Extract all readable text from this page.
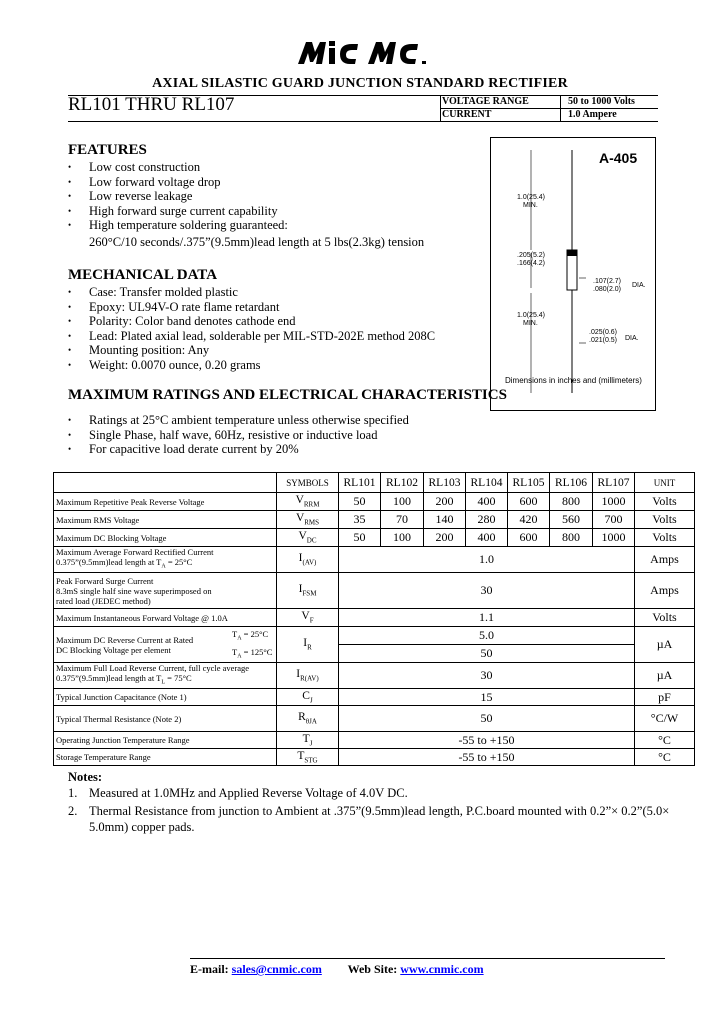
AXIAL SILASTIC GUARD JUNCTION STANDARD RECTIFIER
RL101 THRU RL107	VOLTAGE RANGE	50 to 1000 Volts
CURRENT	1.0 Ampere
FEATURES
• Low cost construction
• Low forward voltage drop
• Low reverse leakage
• High forward surge current capability
• High temperature soldering guaranteed:
260°C/10 seconds/.375”(9.5mm)lead length at 5 lbs(2.3kg) tension
MECHANICAL DATA
• Case: Transfer molded plastic
• Epoxy: UL94V-O rate flame retardant
• Polarity: Color band denotes cathode end
• Lead: Plated axial lead, solderable per MIL-STD-202E method 208C
• Mounting position: Any
• Weight: 0.0070 ounce, 0.20 grams
MAXIMUM RATINGS AND ELECTRICAL CHARACTERISTICS
• Ratings at 25°C ambient temperature unless otherwise specified
• Single Phase, half wave, 60Hz, resistive or inductive load
• For capacitive load derate current by 20%
A-405
1.0(25.4)
MIN.
.205(5.2)
.166(4.2)
.107(2.7)
.080(2.0)
DIA.
1.0(25.4)
MIN.
.025(0.6)
.021(0.5) DIA.
Dimensions in inches and (millimeters)
	SYMBOLS	RL101	RL102	RL103	RL104	RL105	RL106	RL107	UNIT
Maximum Repetitive Peak Reverse Voltage	$V_{RRM}$	50	100	200	400	600	800	1000	Volts
Maximum RMS Voltage	$V_{RMS}$	35	70	140	280	420	560	700	Volts
Maximum DC Blocking Voltage	$V_{DC}$	50	100	200	400	600	800	1000	Volts

Maximum Average Forward Rectified Current
0.375”(9.5mm)lead length at $T_A = 25^\circ C$	$I_{(AV)}$	1.0							Amps

Peak Forward Surge Current
8.3mS single half sine wave superimposed on
rated load (JEDEC method)	$I_{FSM}$	30							Amps
Maximum Instantaneous Forward Voltage @ 1.0A	$V_F$	1.1							Volts

Maximum DC Reverse Current at Rated
DC Blocking Voltage per element
$T_A = 25^\circ C$
$T_A = 125^\circ C$	$I_R$	5.0							µA
		50							

Maximum Full Load Reverse Current, full cycle average
0.375”(9.5mm)lead length at $T_L = 75^\circ C$	$I_{R(AV)}$	30							µA
Typical Junction Capacitance (Note 1)	$C_J$	15							pF
Typical Thermal Resistance (Note 2)	$R_{\theta JA}$	50							°C/W
Operating Junction Temperature Range	$T_J$	-55 to +150							°C
Storage Temperature Range	$T_{STG}$	-55 to +150							°C
Notes:
1. Measured at 1.0MHz and Applied Reverse Voltage of 4.0V DC.
2. Thermal Resistance from junction to Ambient at .375”(9.5mm)lead length, P.C.board mounted with 0.2”× 0.2”(5.0×
5.0mm) copper pads.
E-mail: sales@cnmic.com Web Site: www.cnmic.com
